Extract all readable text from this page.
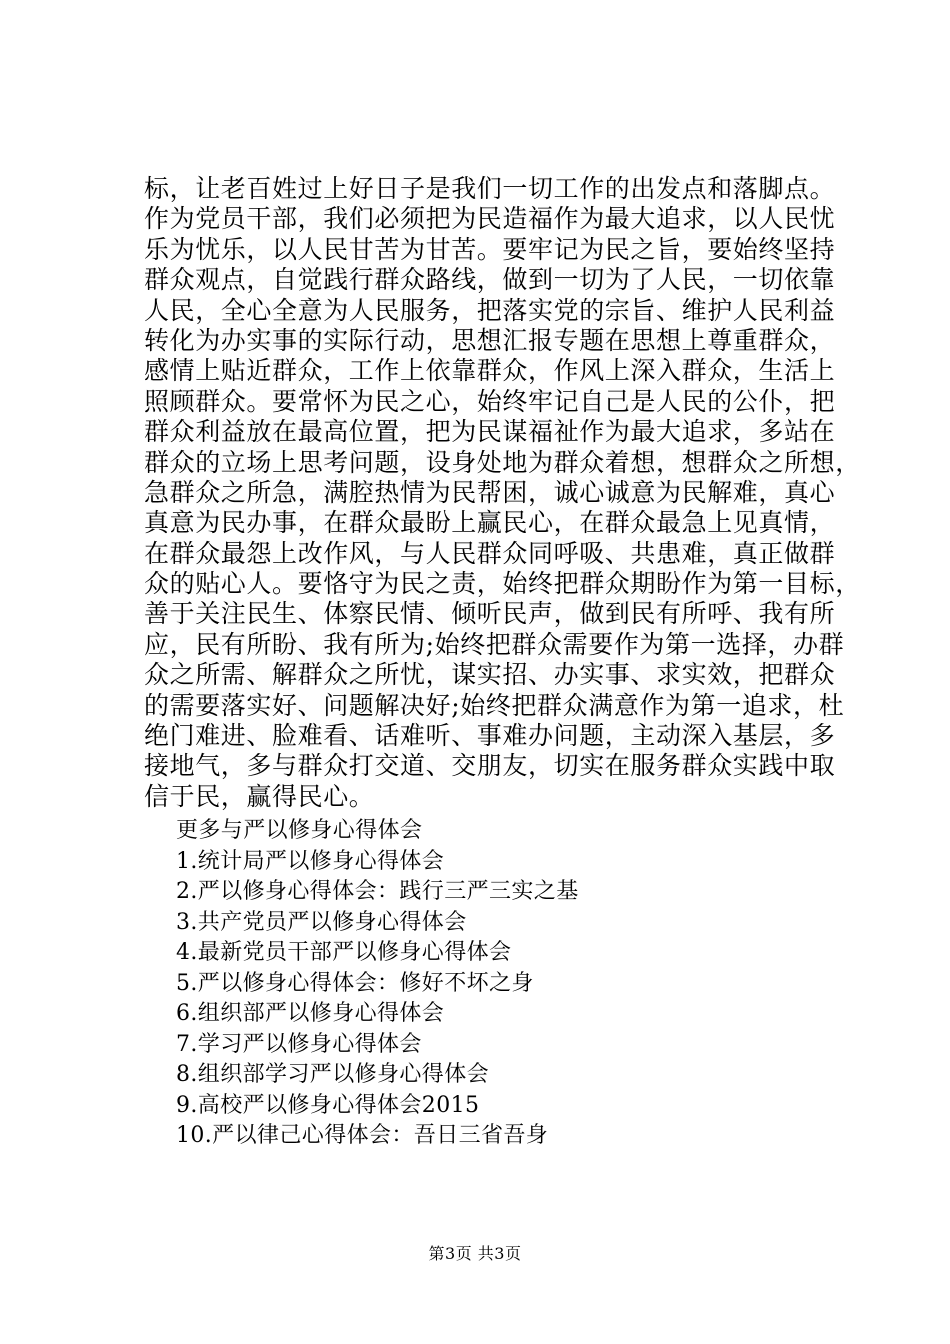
标，让老百姓过上好日子是我们一切工作的出发点和落脚点。
作为党员干部，我们必须把为民造福作为最大追求，以人民忧
乐为忧乐，以人民甘苦为甘苦。要牢记为民之旨，要始终坚持
群众观点，自觉践行群众路线，做到一切为了人民，一切依靠
人民，全心全意为人民服务，把落实党的宗旨、维护人民利益
转化为办实事的实际行动，思想汇报专题在思想上尊重群众，
感情上贴近群众，工作上依靠群众，作风上深入群众，生活上
照顾群众。要常怀为民之心，始终牢记自己是人民的公仆，把
群众利益放在最高位置，把为民谋福祉作为最大追求，多站在
群众的立场上思考问题，设身处地为群众着想，想群众之所想，
急群众之所急，满腔热情为民帮困，诚心诚意为民解难，真心
真意为民办事，在群众最盼上赢民心，在群众最急上见真情，
在群众最怨上改作风，与人民群众同呼吸、共患难，真正做群
众的贴心人。要恪守为民之责，始终把群众期盼作为第一目标，
善于关注民生、体察民情、倾听民声，做到民有所呼、我有所
应，民有所盼、我有所为;始终把群众需要作为第一选择，办群
众之所需、解群众之所忧，谋实招、办实事、求实效，把群众
的需要落实好、问题解决好;始终把群众满意作为第一追求，杜
绝门难进、脸难看、话难听、事难办问题，主动深入基层，多
接地气，多与群众打交道、交朋友，切实在服务群众实践中取
信于民，赢得民心。
更多与严以修身心得体会
1.统计局严以修身心得体会
2.严以修身心得体会：践行三严三实之基
3.共产党员严以修身心得体会
4.最新党员干部严以修身心得体会
5.严以修身心得体会：修好不坏之身
6.组织部严以修身心得体会
7.学习严以修身心得体会
8.组织部学习严以修身心得体会
9.高校严以修身心得体会2015
10.严以律己心得体会：吾日三省吾身
第3页 共3页
